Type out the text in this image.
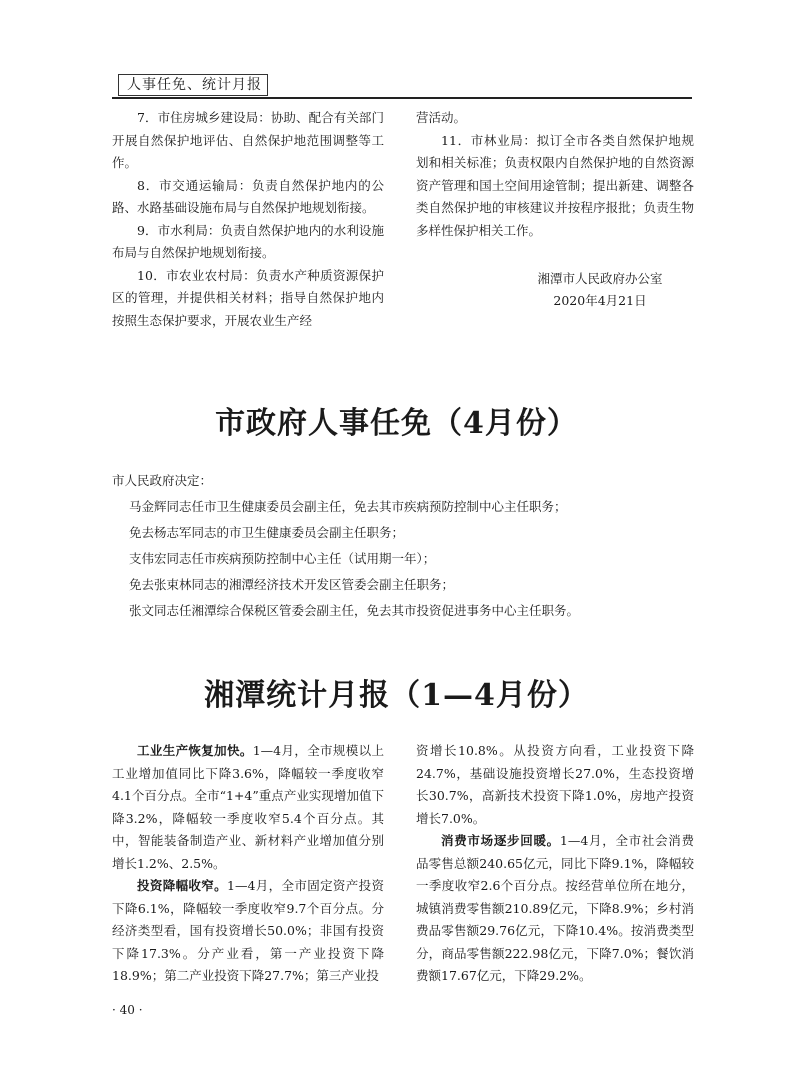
人事任免、统计月报

7．市住房城乡建设局：协助、配合有关部门开展自然保护地评估、自然保护地范围调整等工作。

8．市交通运输局：负责自然保护地内的公路、水路基础设施布局与自然保护地规划衔接。

9．市水利局：负责自然保护地内的水利设施布局与自然保护地规划衔接。

10．市农业农村局：负责水产种质资源保护区的管理，并提供相关材料；指导自然保护地内按照生态保护要求，开展农业生产经

营活动。

11．市林业局：拟订全市各类自然保护地规划和相关标准；负责权限内自然保护地的自然资源资产管理和国土空间用途管制；提出新建、调整各类自然保护地的审核建议并按程序报批；负责生物多样性保护相关工作。

湘潭市人民政府办公室
2020年4月21日
市政府人事任免（4月份）

市人民政府决定：

马金辉同志任市卫生健康委员会副主任，免去其市疾病预防控制中心主任职务；

免去杨志军同志的市卫生健康委员会副主任职务；

支伟宏同志任市疾病预防控制中心主任（试用期一年）；

免去张束林同志的湘潭经济技术开发区管委会副主任职务；

张文同志任湘潭综合保税区管委会副主任，免去其市投资促进事务中心主任职务。

湘潭统计月报（1—4月份）

工业生产恢复加快。1—4月，全市规模以上工业增加值同比下降3.6%，降幅较一季度收窄4.1个百分点。全市“1+4”重点产业实现增加值下降3.2%，降幅较一季度收窄5.4个百分点。其中，智能装备制造产业、新材料产业增加值分别增长1.2%、2.5%。

投资降幅收窄。1—4月，全市固定资产投资下降6.1%，降幅较一季度收窄9.7个百分点。分经济类型看，国有投资增长50.0%；非国有投资下降17.3%。分产业看，第一产业投资下降18.9%；第二产业投资下降27.7%；第三产业投

资增长10.8%。从投资方向看，工业投资下降24.7%，基础设施投资增长27.0%，生态投资增长30.7%，高新技术投资下降1.0%，房地产投资增长7.0%。

消费市场逐步回暖。1—4月，全市社会消费品零售总额240.65亿元，同比下降9.1%，降幅较一季度收窄2.6个百分点。按经营单位所在地分，城镇消费零售额210.89亿元，下降8.9%；乡村消费品零售额29.76亿元，下降10.4%。按消费类型分，商品零售额222.98亿元，下降7.0%；餐饮消费额17.67亿元，下降29.2%。

· 40 ·
